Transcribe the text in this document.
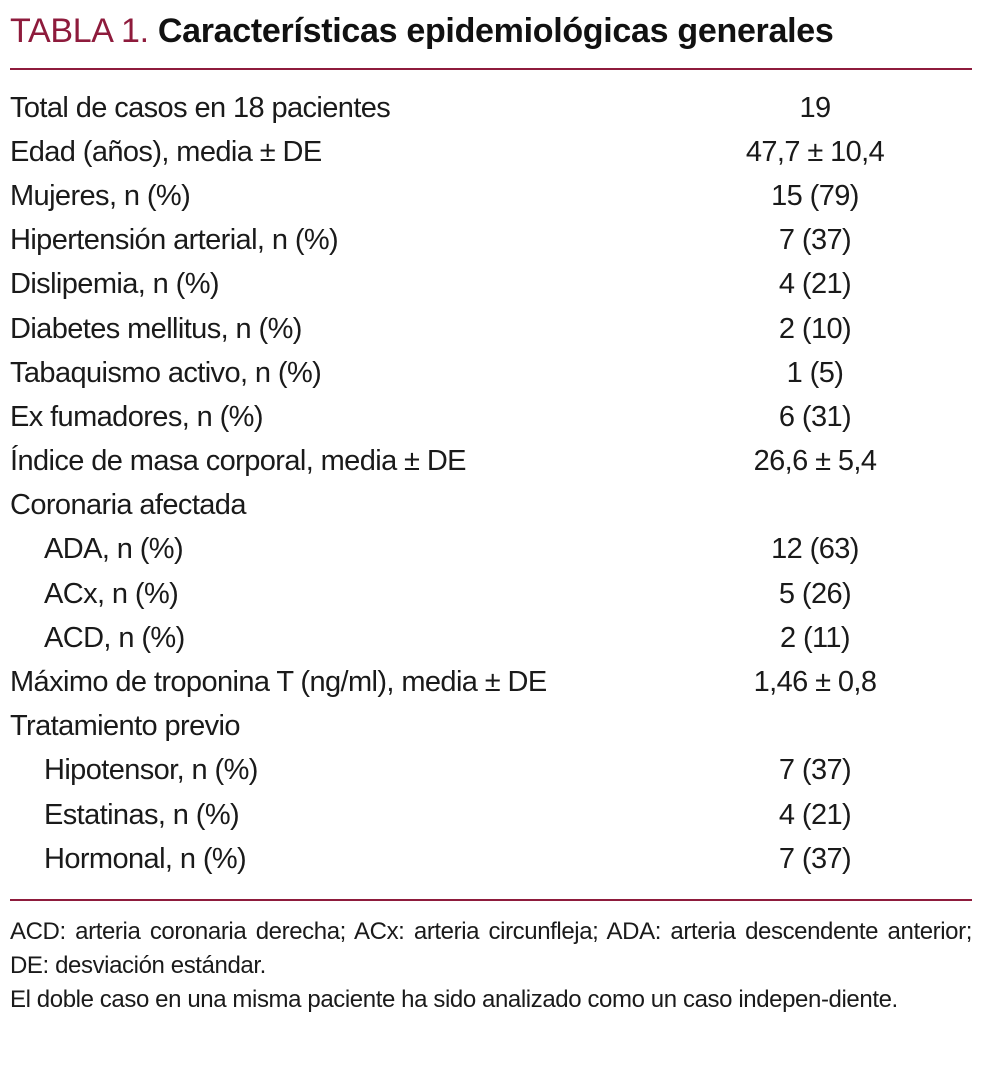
TABLA 1. Características epidemiológicas generales
Total de casos en 18 pacientes	19
Edad (años), media ± DE	47,7 ± 10,4
Mujeres, n (%)	15 (79)
Hipertensión arterial, n (%)	7 (37)
Dislipemia, n (%)	4 (21)
Diabetes mellitus, n (%)	2 (10)
Tabaquismo activo, n (%)	1 (5)
Ex fumadores, n (%)	6 (31)
Índice de masa corporal, media ± DE	26,6 ± 5,4
Coronaria afectada
ADA, n (%)	12 (63)
ACx, n (%)	5 (26)
ACD, n (%)	2 (11)
Máximo de troponina T (ng/ml), media ± DE	1,46 ± 0,8
Tratamiento previo
Hipotensor, n (%)	7 (37)
Estatinas, n (%)	4 (21)
Hormonal, n (%)	7 (37)

ACD: arteria coronaria derecha; ACx: arteria circunfleja; ADA: arteria descendente anterior; DE: desviación estándar.

El doble caso en una misma paciente ha sido analizado como un caso indepen-diente.
